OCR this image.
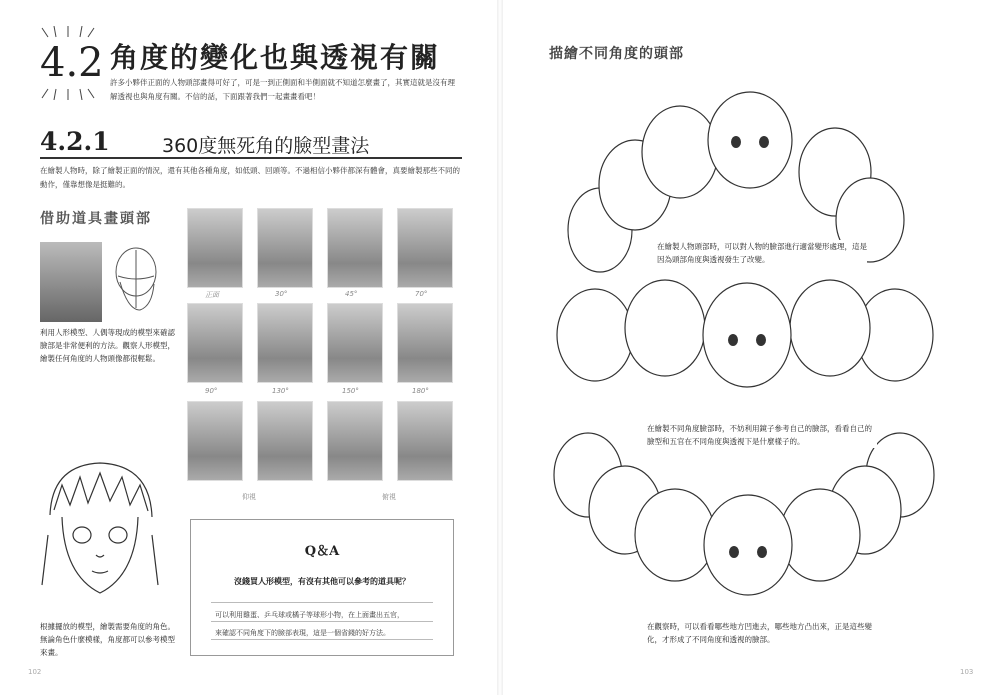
4.2 角度的變化也與透視有關
許多小夥伴正面的人物頭部畫得可好了，可是一到正側面和半側面就不知道怎麼畫了，其實這就是沒有理解透視也與角度有關。不信的話，下面跟著我們一起畫畫看吧！
4.2.1	360度無死角的臉型畫法
在繪製人物時，除了繪製正面的情況，還有其他各種角度，如低頭、回頭等。不過相信小夥伴都深有體會，真要繪製那些不同的動作，僅靠想像是挺難的。
借助道具畫頭部
利用人形模型、人偶等現成的模型來確認臉部是非常便利的方法。觀察人形模型，繪製任何角度的人物頭像都很輕鬆。
正面	30°	45°	70°
90°	130°	150°	180°
仰視	俯視
根據擺放的模型，繪製需要角度的角色。無論角色什麼模樣，角度都可以參考模型來畫。
Q＆A
沒錢買人形模型，有沒有其他可以參考的道具呢？
可以利用雞蛋、乒乓球或橘子等球形小物，在上面畫出五官，
來確認不同角度下的臉部表現，這是一個省錢的好方法。
102
描繪不同角度的頭部
在繪製人物頭部時，可以對人物的臉部進行適當變形處理，這是因為頭部角度與透視發生了改變。
在繪製不同角度臉部時，不妨利用鏡子參考自己的臉部，看看自己的臉型和五官在不同角度與透視下是什麼樣子的。
在觀察時，可以看看哪些地方凹進去，哪些地方凸出來，正是這些變化，才形成了不同角度和透視的臉部。
103
